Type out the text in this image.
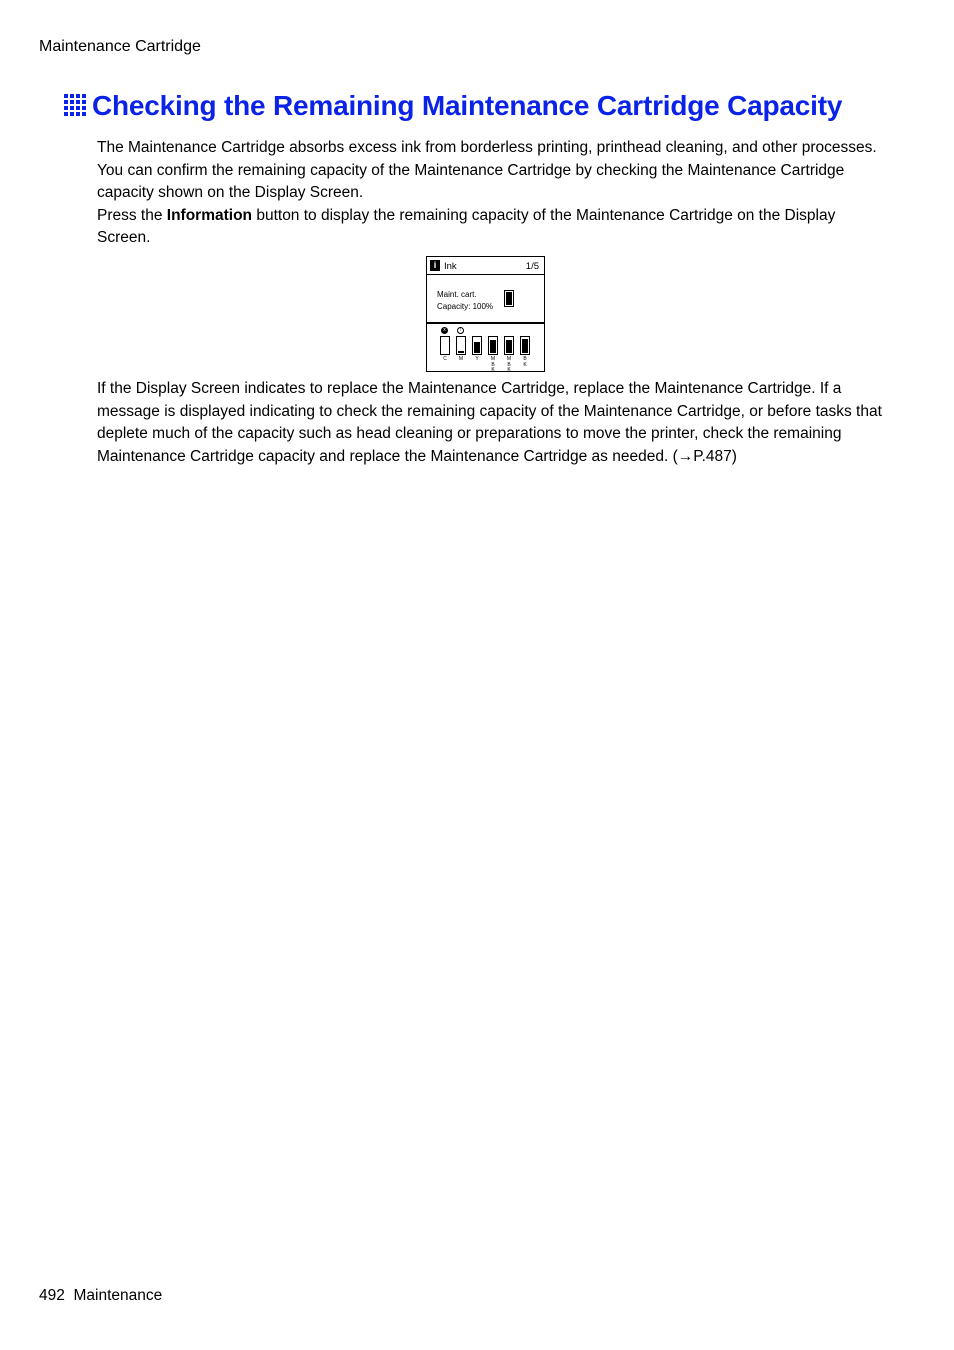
Maintenance Cartridge
Checking the Remaining Maintenance Cartridge Capacity
The Maintenance Cartridge absorbs excess ink from borderless printing, printhead cleaning, and other processes. You can confirm the remaining capacity of the Maintenance Cartridge by checking the Maintenance Cartridge capacity shown on the Display Screen.
Press the Information button to display the remaining capacity of the Maintenance Cartridge on the Display Screen.
i Ink	1/5
Maint. cart.
Capacity: 100%
x
C
!
M	Y	M
B
K
M
B
K
B
K

If the Display Screen indicates to replace the Maintenance Cartridge, replace the Maintenance Cartridge. If a message is displayed indicating to check the remaining capacity of the Maintenance Cartridge, or before tasks that deplete much of the capacity such as head cleaning or preparations to move the printer, check the remaining Maintenance Cartridge capacity and replace the Maintenance Cartridge as needed. (→P.487)

492 Maintenance
